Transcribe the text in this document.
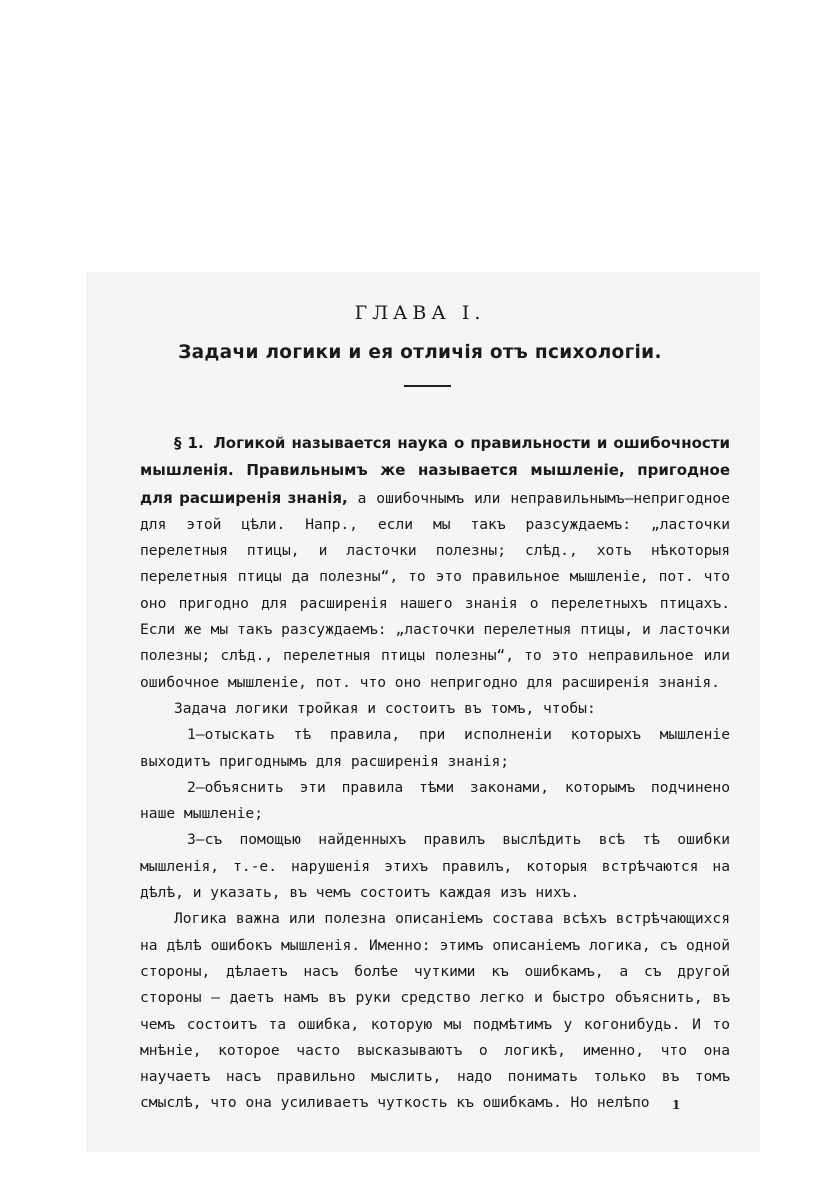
ГЛАВА I.
Задачи логики и ея отличія отъ психологіи.

§ 1. Логикой называется наука о правильности и ошибочности мышленія. Правильнымъ же называется мышленіе, пригодное для расширенія знанія, а ошибочнымъ или неправильнымъ—непригодное для этой цѣли. Напр., если мы такъ разсуждаемъ: „ласточки перелетныя птицы, и ласточки полезны; слѣд., хоть нѣкоторыя перелетныя птицы да полезны“, то это правильное мышленіе, пот. что оно пригодно для расширенія нашего знанія о перелетныхъ птицахъ. Если же мы такъ разсуждаемъ: „ласточки перелетныя птицы, и ласточки полезны; слѣд., перелетныя птицы полезны“, то это неправильное или ошибочное мышленіе, пот. что оно непригодно для расширенія знанія.

Задача логики тройкая и состоитъ въ томъ, чтобы:

1—отыскать тѣ правила, при исполненіи которыхъ мышленіе выходитъ пригоднымъ для расширенія знанія;

2—объяснить эти правила тѣми законами, которымъ подчинено наше мышленіе;

3—съ помощью найденныхъ правилъ выслѣдить всѣ тѣ ошибки мышленія, т.-е. нарушенія этихъ правилъ, которыя встрѣчаются на дѣлѣ, и указать, въ чемъ состоитъ каждая изъ нихъ.

Логика важна или полезна описаніемъ состава всѣхъ встрѣчающихся на дѣлѣ ошибокъ мышленія. Именно: этимъ описаніемъ логика, съ одной стороны, дѣлаетъ насъ болѣе чуткими къ ошибкамъ, а съ другой стороны — даетъ намъ въ руки средство легко и быстро объяснить, въ чемъ состоитъ та ошибка, которую мы подмѣтимъ у когонибудь. И то мнѣніе, которое часто высказываютъ о логикѣ, именно, что она научаетъ насъ правильно мыслить, надо понимать только въ томъ смыслѣ, что она усиливаетъ чуткость къ ошибкамъ. Но нелѣпо	1
